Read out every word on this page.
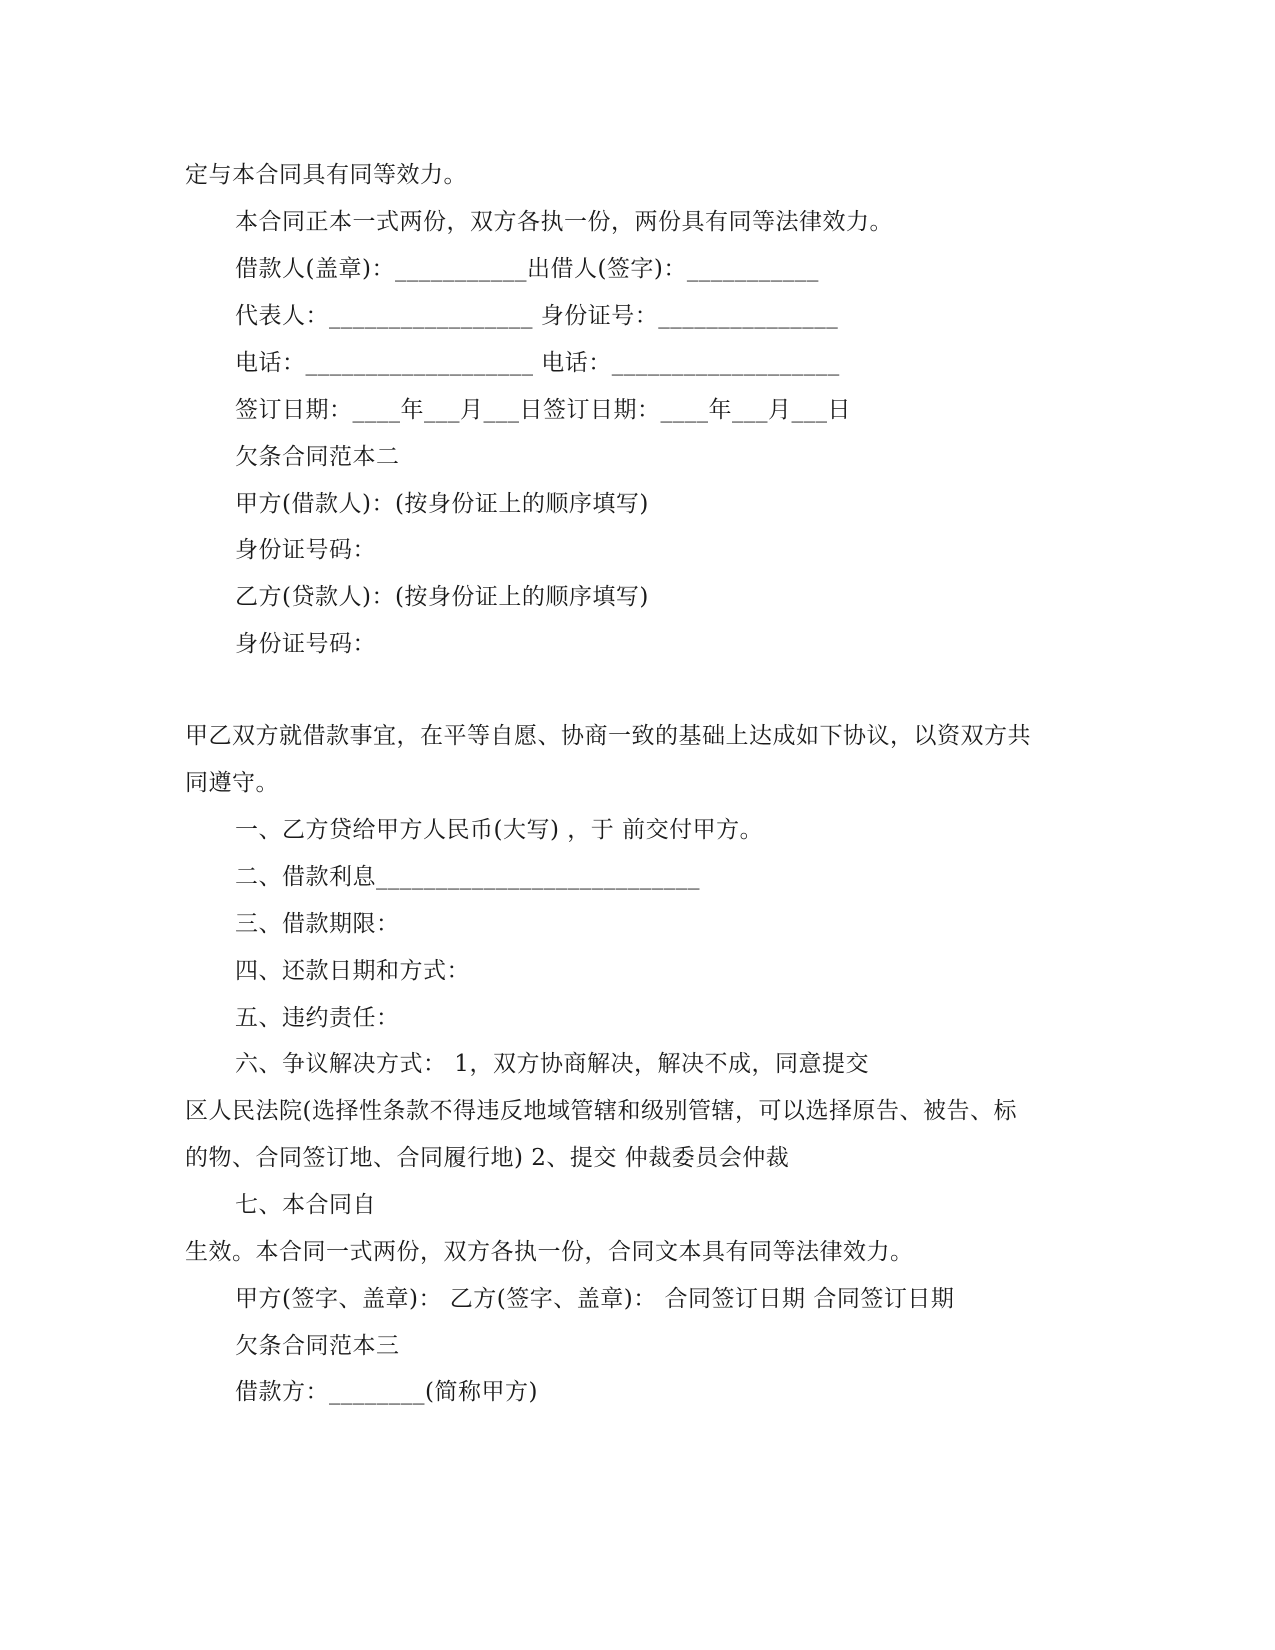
定与本合同具有同等效力。
本合同正本一式两份，双方各执一份，两份具有同等法律效力。
借款人(盖章)：___________出借人(签字)：___________
代表人：_________________ 身份证号：_______________
电话：___________________ 电话：___________________
签订日期：____年___月___日签订日期：____年___月___日
欠条合同范本二
甲方(借款人)：(按身份证上的顺序填写)
身份证号码：
乙方(贷款人)：(按身份证上的顺序填写)
身份证号码：
甲乙双方就借款事宜，在平等自愿、协商一致的基础上达成如下协议，以资双方共
同遵守。
一、乙方贷给甲方人民币(大写) ，于 前交付甲方。
二、借款利息___________________________
三、借款期限：
四、还款日期和方式：
五、违约责任：
六、争议解决方式： 1，双方协商解决，解决不成，同意提交
区人民法院(选择性条款不得违反地域管辖和级别管辖，可以选择原告、被告、标
的物、合同签订地、合同履行地) 2、提交 仲裁委员会仲裁
七、本合同自
生效。本合同一式两份，双方各执一份，合同文本具有同等法律效力。
甲方(签字、盖章)： 乙方(签字、盖章)： 合同签订日期 合同签订日期
欠条合同范本三
借款方：________(简称甲方)
